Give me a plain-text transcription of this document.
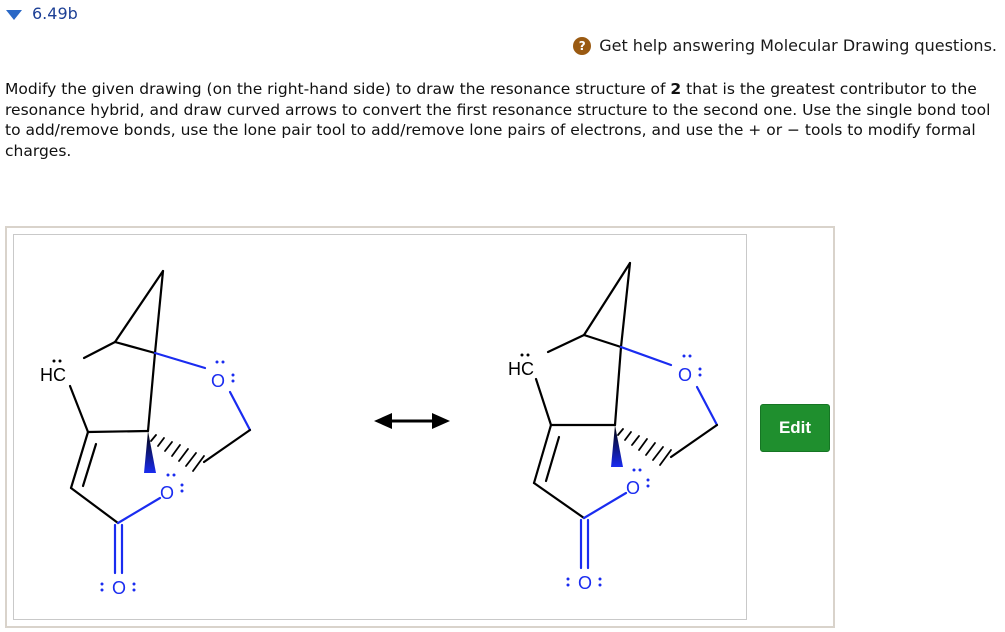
6.49b
? Get help answering Molecular Drawing questions.
Modify the given drawing (on the right-hand side) to draw the resonance structure of 2 that is the greatest contributor to the resonance hybrid, and draw curved arrows to convert the first resonance structure to the second one. Use the single bond tool to add/remove bonds, use the lone pair tool to add/remove lone pairs of electrons, and use the + or − tools to modify formal charges.
HC	O
O
O
HC	O
O
O
Edit
